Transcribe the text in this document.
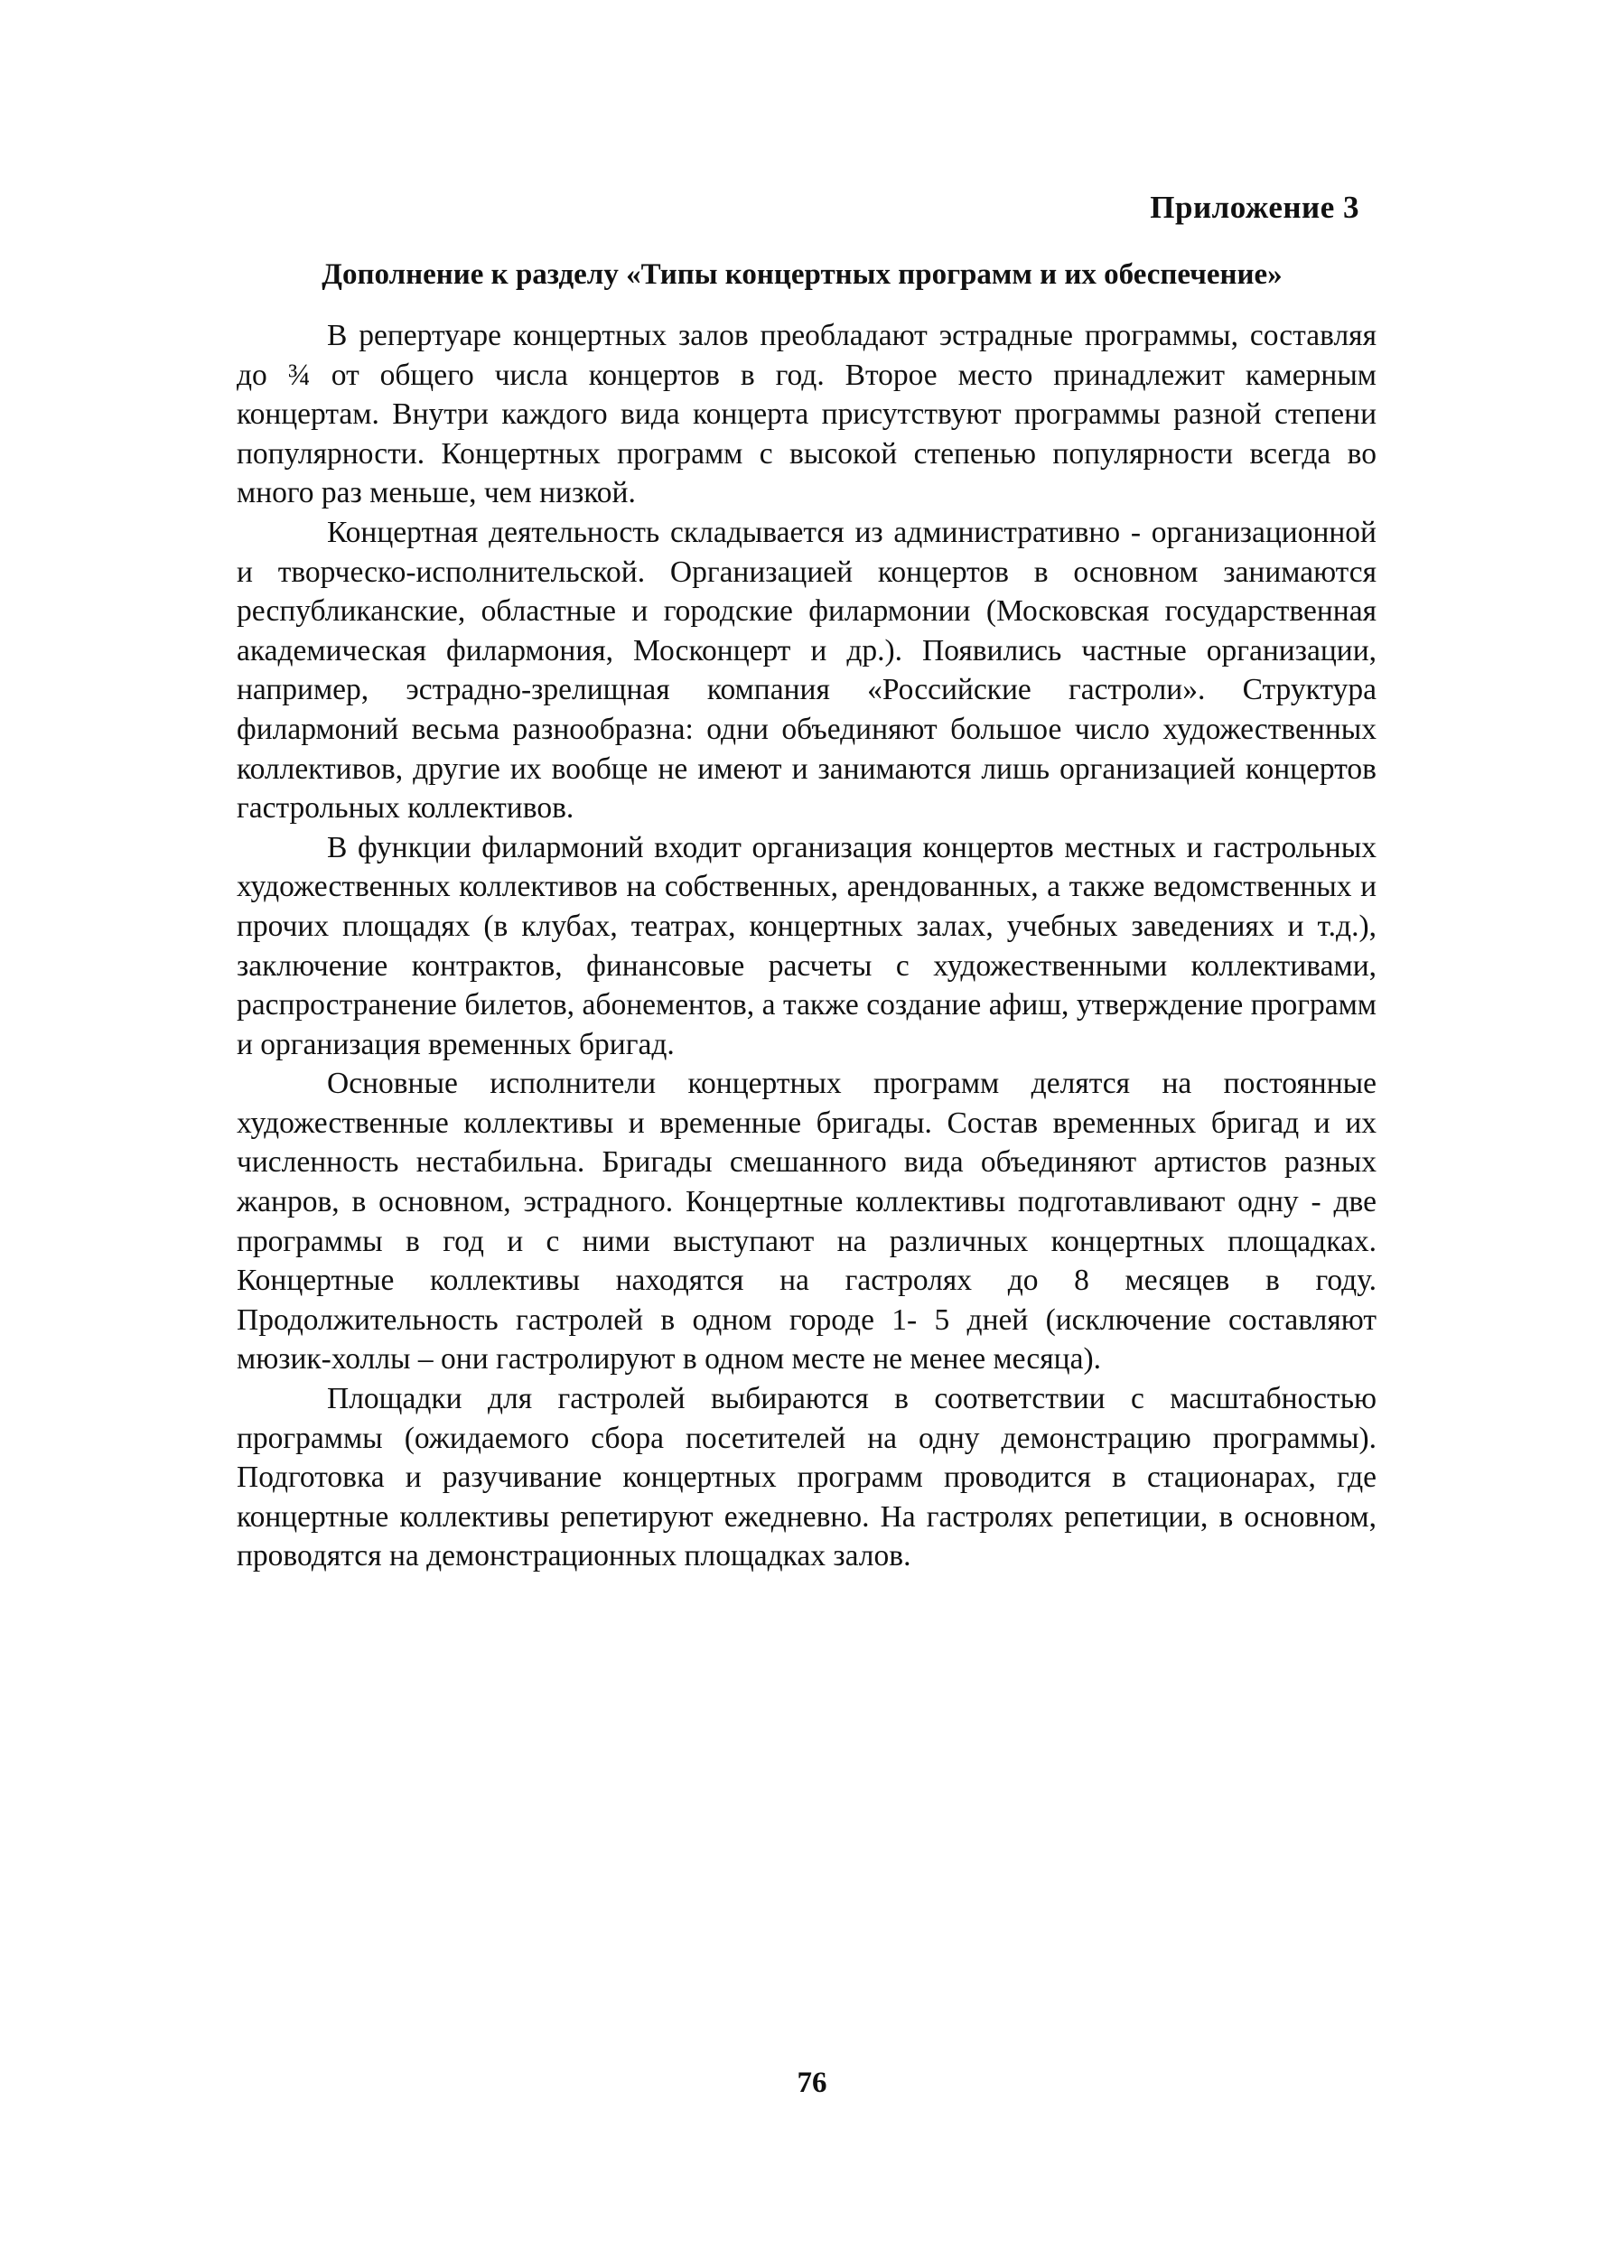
Приложение 3
Дополнение к разделу «Типы концертных программ и их обеспечение»

В репертуаре концертных залов преобладают эстрадные программы, составляя до ¾ от общего числа концертов в год. Второе место принадлежит камерным концертам. Внутри каждого вида концерта присутствуют программы разной степени популярности. Концертных программ с высокой степенью популярности всегда во много раз меньше, чем низкой.

Концертная деятельность складывается из административно - организационной и творческо-исполнительской. Организацией концертов в основном занимаются республиканские, областные и городские филармонии (Московская государственная академическая филармония, Москонцерт и др.). Появились частные организации, например, эстрадно-зрелищная компания «Российские гастроли». Структура филармоний весьма разнообразна: одни объединяют большое число художественных коллективов, другие их вообще не имеют и занимаются лишь организацией концертов гастрольных коллективов.

В функции филармоний входит организация концертов местных и гастрольных художественных коллективов на собственных, арендованных, а также ведомственных и прочих площадях (в клубах, театрах, концертных залах, учебных заведениях и т.д.), заключение контрактов, финансовые расчеты с художественными коллективами, распространение билетов, абонементов, а также создание афиш, утверждение программ и организация временных бригад.

Основные исполнители концертных программ делятся на постоянные художественные коллективы и временные бригады. Состав временных бригад и их численность нестабильна. Бригады смешанного вида объединяют артистов разных жанров, в основном, эстрадного. Концертные коллективы подготавливают одну - две программы в год и с ними выступают на различных концертных площадках. Концертные коллективы находятся на гастролях до 8 месяцев в году. Продолжительность гастролей в одном городе 1- 5 дней (исключение составляют мюзик-холлы – они гастролируют в одном месте не менее месяца).

Площадки для гастролей выбираются в соответствии с масштабностью программы (ожидаемого сбора посетителей на одну демонстрацию программы). Подготовка и разучивание концертных программ проводится в стационарах, где концертные коллективы репетируют ежедневно. На гастролях репетиции, в основном, проводятся на демонстрационных площадках залов.

76
